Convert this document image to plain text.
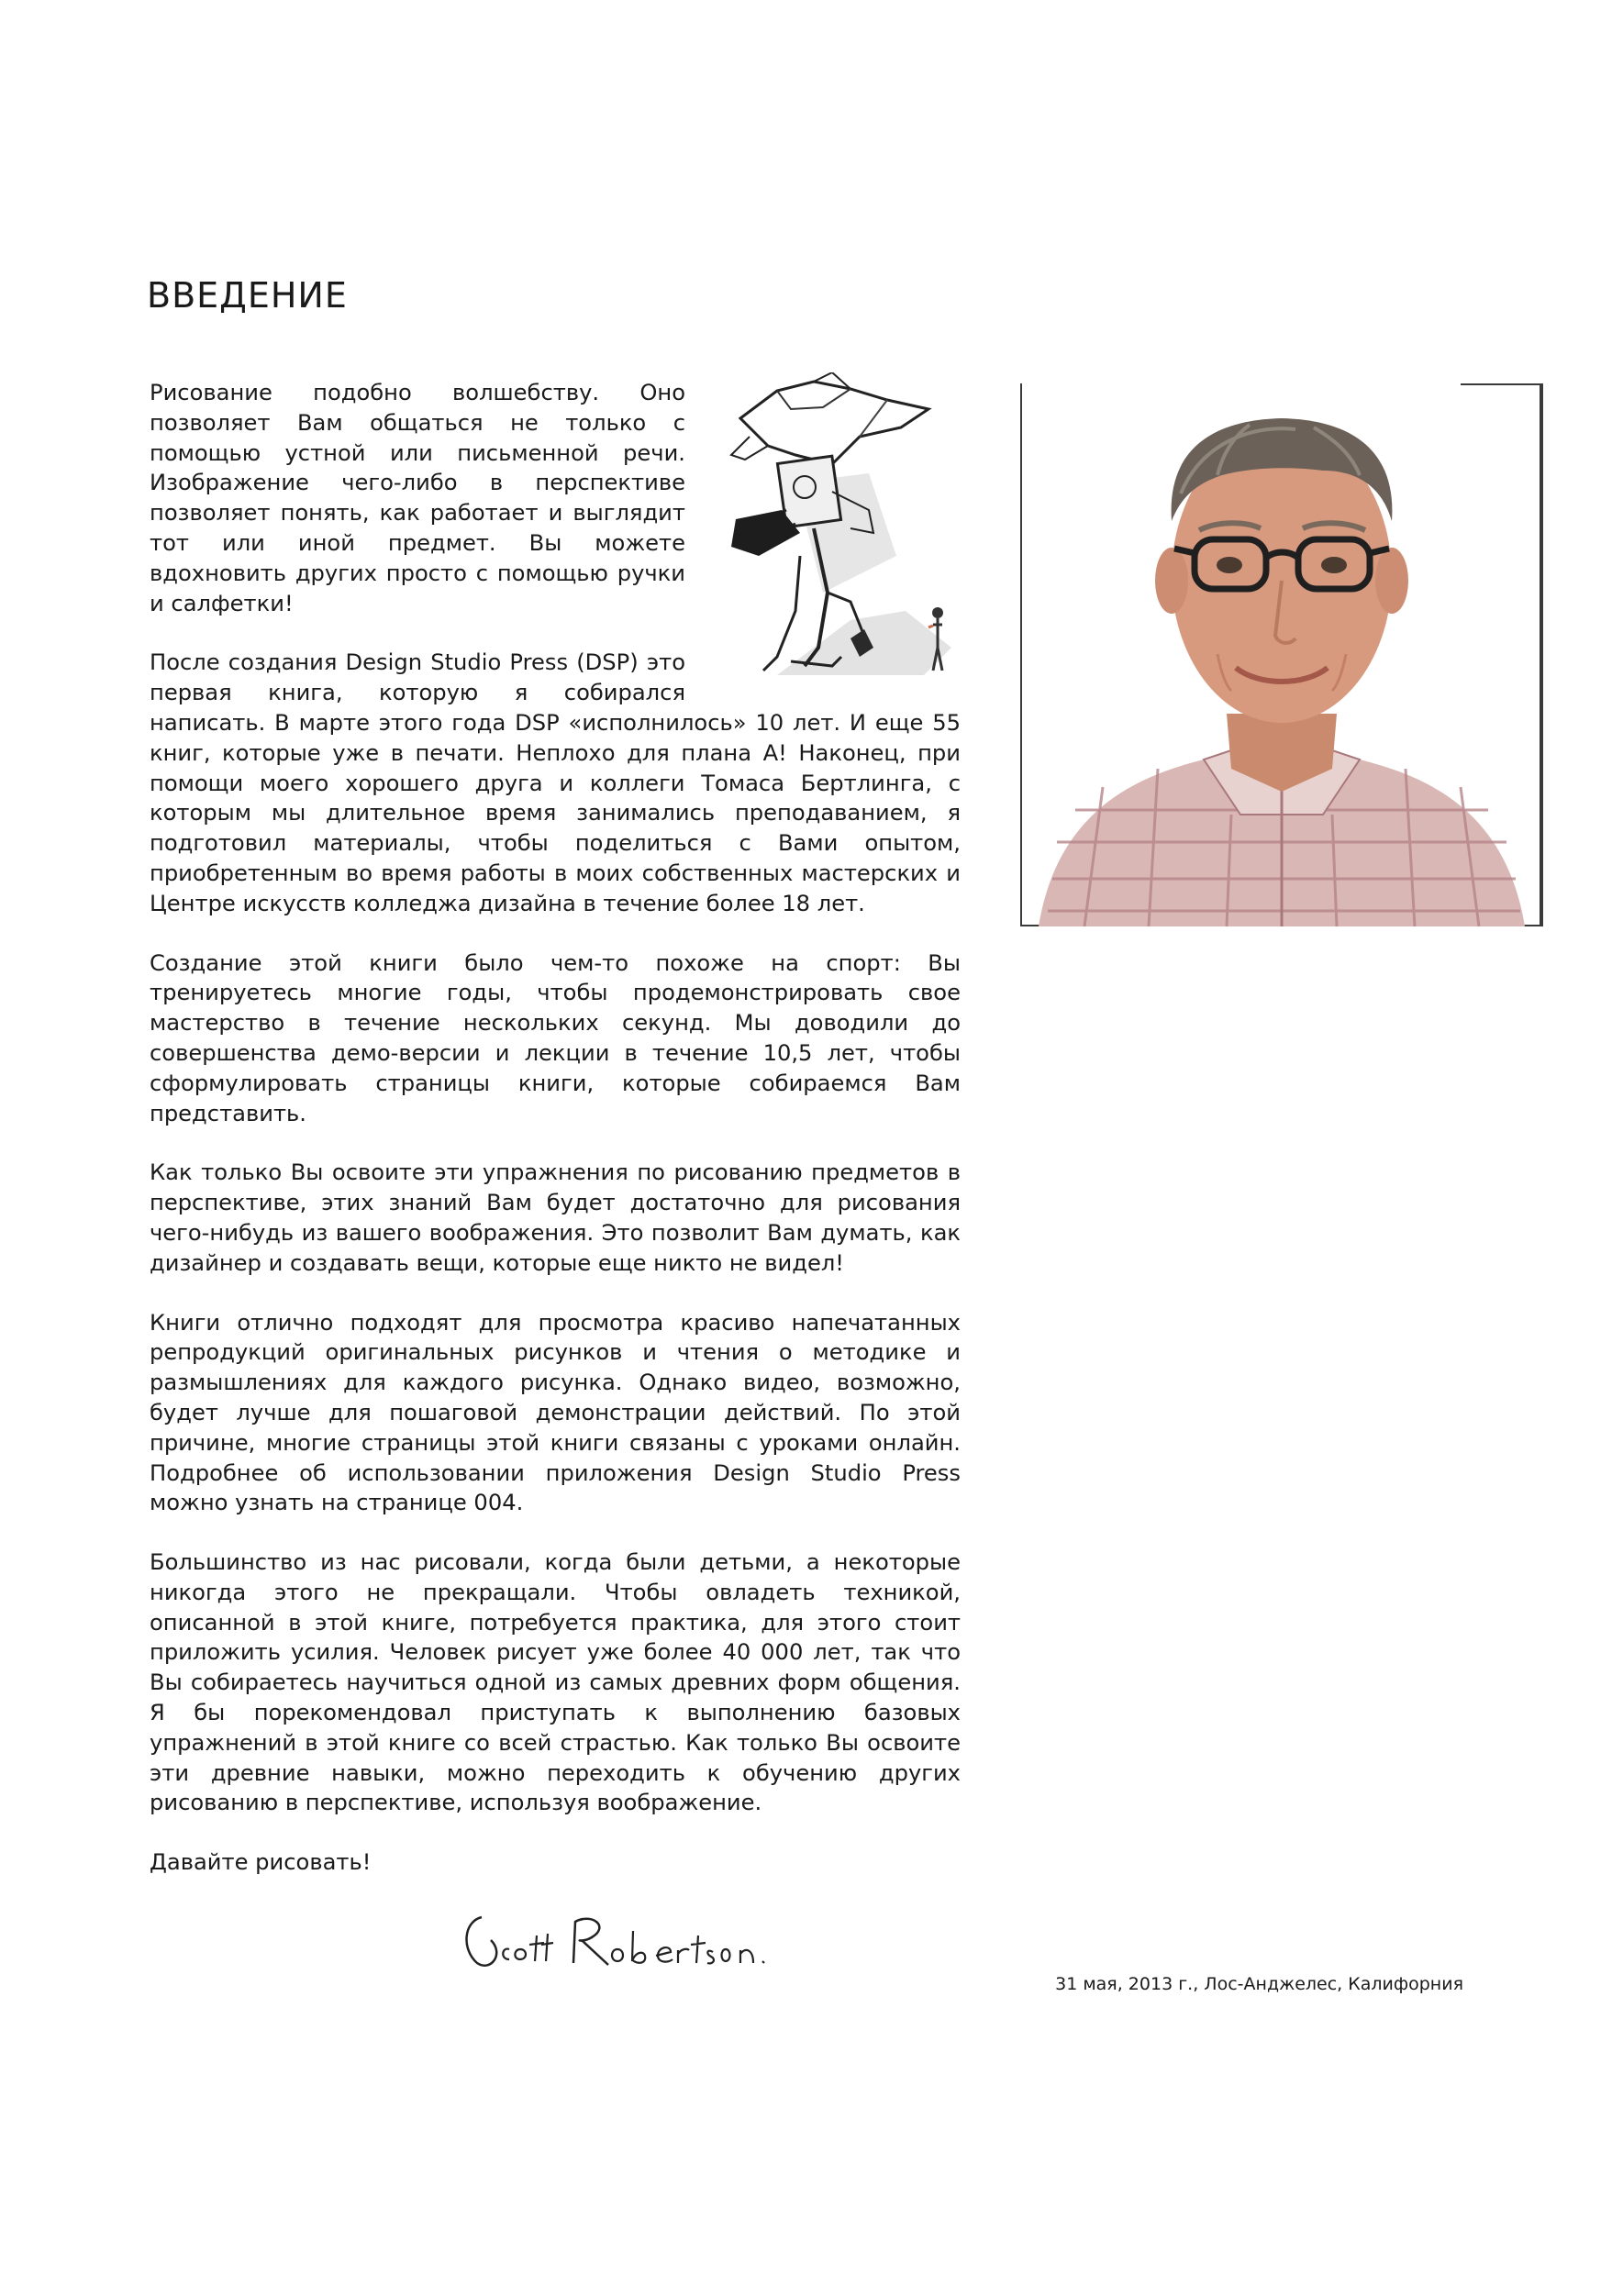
ВВЕДЕНИЕ

Рисование подобно волшебству. Оно позволяет Вам общаться не только с помощью устной или письменной речи. Изображение чего-либо в перспективе позволяет понять, как работает и выглядит тот или иной предмет. Вы можете вдохновить других просто с помощью ручки и салфетки!

После создания Design Studio Press (DSP) это первая книга, которую я собирался написать. В марте этого года DSP «исполнилось» 10 лет. И еще 55 книг, которые уже в печати. Неплохо для плана А! Наконец, при помощи моего хорошего друга и коллеги Томаса Бертлинга, с которым мы длительное время занимались преподаванием, я подготовил материалы, чтобы поделиться с Вами опытом, приобретенным во время работы в моих собственных мастерских и Центре искусств колледжа дизайна в течение более 18 лет.

Создание этой книги было чем-то похоже на спорт: Вы тренируетесь многие годы, чтобы продемонстрировать свое мастерство в течение нескольких секунд. Мы доводили до совершенства демо-версии и лекции в течение 10,5 лет, чтобы сформулировать страницы книги, которые собираемся Вам представить.

Как только Вы освоите эти упражнения по рисованию предметов в перспективе, этих знаний Вам будет достаточно для рисования чего-нибудь из вашего воображения. Это позволит Вам думать, как дизайнер и создавать вещи, которые еще никто не видел!

Книги отлично подходят для просмотра красиво напечатанных репродукций оригинальных рисунков и чтения о методике и размышлениях для каждого рисунка. Однако видео, возможно, будет лучше для пошаговой демонстрации действий. По этой причине, многие страницы этой книги связаны с уроками онлайн. Подробнее об использовании приложения Design Studio Press можно узнать на странице 004.

Большинство из нас рисовали, когда были детьми, а некоторые никогда этого не прекращали. Чтобы овладеть техникой, описанной в этой книге, потребуется практика, для этого стоит приложить усилия. Человек рисует уже более 40 000 лет, так что Вы собираетесь научиться одной из самых древних форм общения. Я бы порекомендовал приступать к выполнению базовых упражнений в этой книге со всей страстью. Как только Вы освоите эти древние навыки, можно переходить к обучению других рисованию в перспективе, используя воображение.

Давайте рисовать!

Scott Robertson.
31 мая, 2013 г., Лос-Анджелес, Калифорния
